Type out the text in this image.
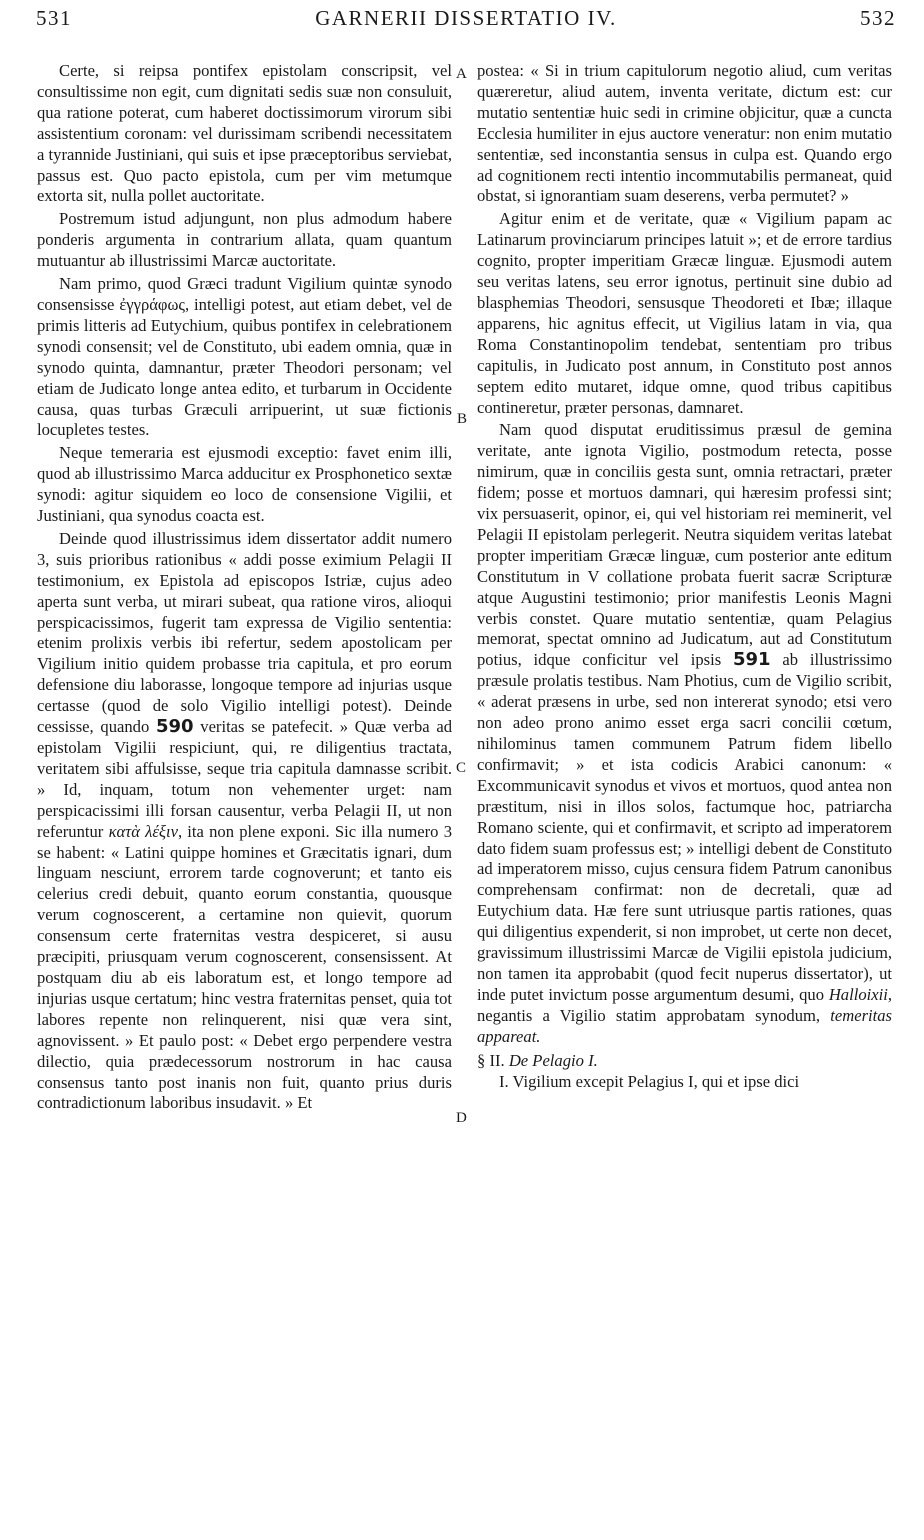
531	GARNERII DISSERTATIO IV.	532
A
B
C
D

Certe, si reipsa pontifex epistolam conscripsit, vel consultissime non egit, cum dignitati sedis suæ non consuluit, qua ratione poterat, cum haberet doctissimorum virorum sibi assistentium coronam: vel durissimam scribendi necessitatem a tyrannide Justiniani, qui suis et ipse præceptoribus serviebat, passus est. Quo pacto epistola, cum per vim metumque extorta sit, nulla pollet auctoritate.

Postremum istud adjungunt, non plus admodum habere ponderis argumenta in contrarium allata, quam quantum mutuantur ab illustrissimi Marcæ auctoritate.

Nam primo, quod Græci tradunt Vigilium quintæ synodo consensisse ἐγγράφως, intelligi potest, aut etiam debet, vel de primis litteris ad Eutychium, quibus pontifex in celebrationem synodi consensit; vel de Constituto, ubi eadem omnia, quæ in synodo quinta, damnantur, præter Theodori personam; vel etiam de Judicato longe antea edito, et turbarum in Occidente causa, quas turbas Græculi arripuerint, ut suæ fictionis locupletes testes.

Neque temeraria est ejusmodi exceptio: favet enim illi, quod ab illustrissimo Marca adducitur ex Prosphonetico sextæ synodi: agitur siquidem eo loco de consensione Vigilii, et Justiniani, qua synodus coacta est.

Deinde quod illustrissimus idem dissertator addit numero 3, suis prioribus rationibus « addi posse eximium Pelagii II testimonium, ex Epistola ad episcopos Istriæ, cujus adeo aperta sunt verba, ut mirari subeat, qua ratione viros, alioqui perspicacissimos, fugerit tam expressa de Vigilio sententia: etenim prolixis verbis ibi refertur, sedem apostolicam per Vigilium initio quidem probasse tria capitula, et pro eorum defensione diu laborasse, longoque tempore ad injurias usque certasse (quod de solo Vigilio intelligi potest). Deinde cessisse, quando 590 veritas se patefecit. » Quæ verba ad epistolam Vigilii respiciunt, qui, re diligentius tractata, veritatem sibi affulsisse, seque tria capitula damnasse scribit. » Id, inquam, totum non vehementer urget: nam perspicacissimi illi forsan causentur, verba Pelagii II, ut non referuntur κατὰ λέξιν, ita non plene exponi. Sic illa numero 3 se habent: « Latini quippe homines et Græcitatis ignari, dum linguam nesciunt, errorem tarde cognoverunt; et tanto eis celerius credi debuit, quanto eorum constantia, quousque verum cognoscerent, a certamine non quievit, quorum consensum certe fraternitas vestra despiceret, si ausu præcipiti, priusquam verum cognoscerent, consensissent. At postquam diu ab eis laboratum est, et longo tempore ad injurias usque certatum; hinc vestra fraternitas penset, quia tot labores repente non relinquerent, nisi quæ vera sint, agnovissent. » Et paulo post: « Debet ergo perpendere vestra dilectio, quia prædecessorum nostrorum in hac causa consensus tanto post inanis non fuit, quanto prius duris contradictionum laboribus insudavit. » Et

postea: « Si in trium capitulorum negotio aliud, cum veritas quæreretur, aliud autem, inventa veritate, dictum est: cur mutatio sententiæ huic sedi in crimine objicitur, quæ a cuncta Ecclesia humiliter in ejus auctore veneratur: non enim mutatio sententiæ, sed inconstantia sensus in culpa est. Quando ergo ad cognitionem recti intentio incommutabilis permaneat, quid obstat, si ignorantiam suam deserens, verba permutet? »

Agitur enim et de veritate, quæ « Vigilium papam ac Latinarum provinciarum principes latuit »; et de errore tardius cognito, propter imperitiam Græcæ linguæ. Ejusmodi autem seu veritas latens, seu error ignotus, pertinuit sine dubio ad blasphemias Theodori, sensusque Theodoreti et Ibæ; illaque apparens, hic agnitus effecit, ut Vigilius latam in via, qua Roma Constantinopolim tendebat, sententiam pro tribus capitulis, in Judicato post annum, in Constituto post annos septem edito mutaret, idque omne, quod tribus capitibus contineretur, præter personas, damnaret.

Nam quod disputat eruditissimus præsul de gemina veritate, ante ignota Vigilio, postmodum retecta, posse nimirum, quæ in conciliis gesta sunt, omnia retractari, præter fidem; posse et mortuos damnari, qui hæresim professi sint; vix persuaserit, opinor, ei, qui vel historiam rei meminerit, vel Pelagii II epistolam perlegerit. Neutra siquidem veritas latebat propter imperitiam Græcæ linguæ, cum posterior ante editum Constitutum in V collatione probata fuerit sacræ Scripturæ atque Augustini testimonio; prior manifestis Leonis Magni verbis constet. Quare mutatio sententiæ, quam Pelagius memorat, spectat omnino ad Judicatum, aut ad Constitutum potius, idque conficitur vel ipsis 591 ab illustrissimo præsule prolatis testibus. Nam Photius, cum de Vigilio scribit, « aderat præsens in urbe, sed non intererat synodo; etsi vero non adeo prono animo esset erga sacri concilii cœtum, nihilominus tamen communem Patrum fidem libello confirmavit; » et ista codicis Arabici canonum: « Excommunicavit synodus et vivos et mortuos, quod antea non præstitum, nisi in illos solos, factumque hoc, patriarcha Romano sciente, qui et confirmavit, et scripto ad imperatorem dato fidem suam professus est; » intelligi debent de Constituto ad imperatorem misso, cujus censura fidem Patrum canonibus comprehensam confirmat: non de decretali, quæ ad Eutychium data. Hæ fere sunt utriusque partis rationes, quas qui diligentius expenderit, si non improbet, ut certe non decet, gravissimum illustrissimi Marcæ de Vigilii epistola judicium, non tamen ita approbabit (quod fecit nuperus dissertator), ut inde putet invictum posse argumentum desumi, quo Halloixii, negantis a Vigilio statim approbatam synodum, temeritas appareat.

§ II. De Pelagio I.

I. Vigilium excepit Pelagius I, qui et ipse dici
